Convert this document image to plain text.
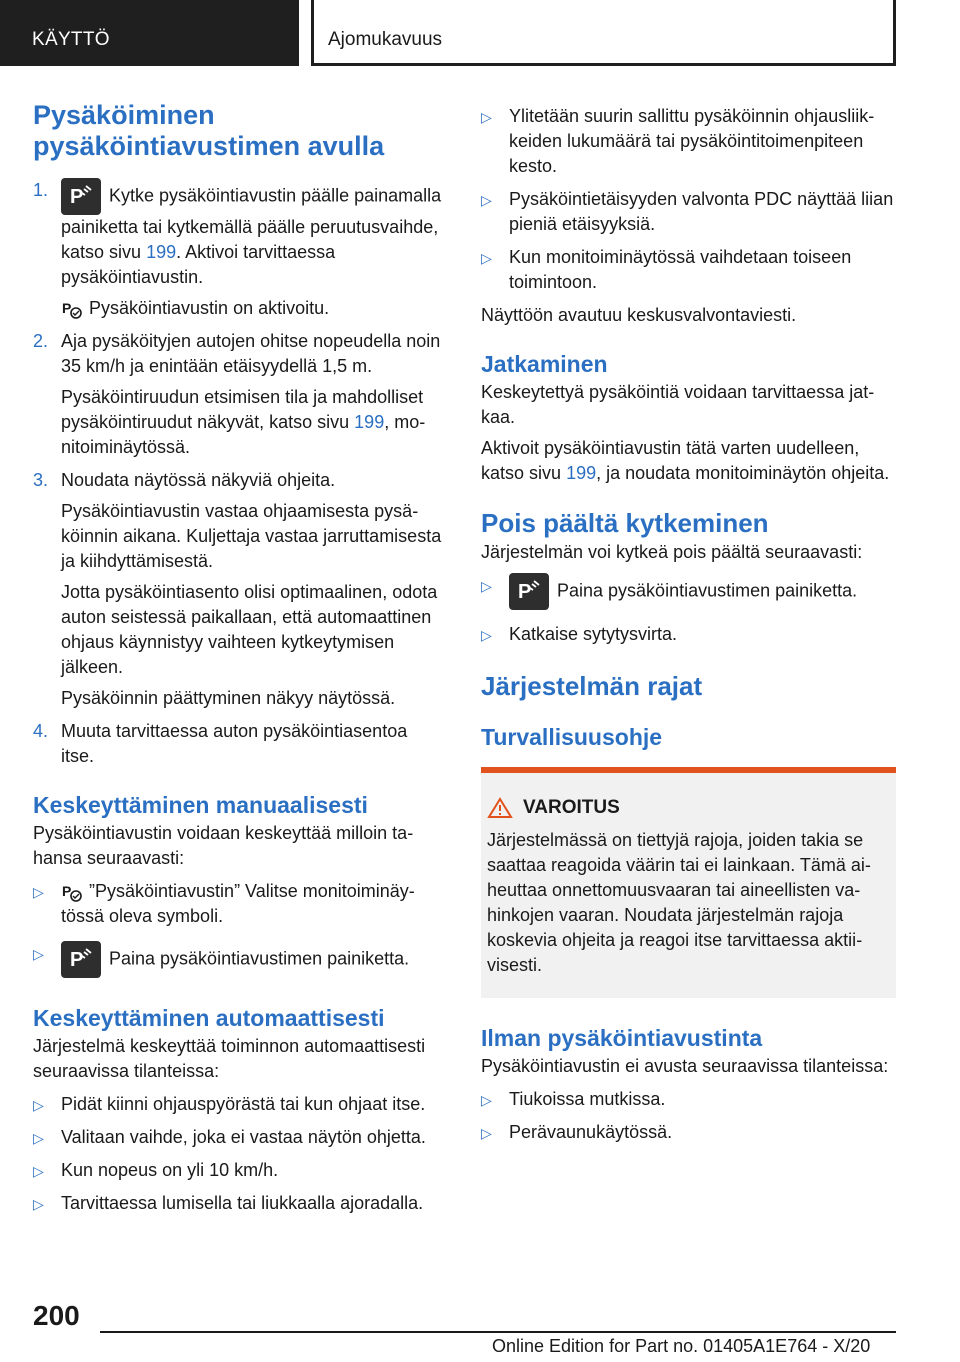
KÄYTTÖ	Ajomukavuus
Pysäköiminen pysäköintiavustimen avulla
1. P Kytke pysäköintiavustin päälle painamalla painiketta tai kytkemällä päälle peruutusvaihde, katso sivu 199. Aktivoi tarvittaessa pysäköintiavustin.
P Pysäköintiavustin on aktivoitu.
2. Aja pysäköityjen autojen ohitse nopeudella noin 35 km/h ja enintään etäisyydellä 1,5 m.
Pysäköintiruudun etsimisen tila ja mahdolliset pysäköintiruudut näkyvät, katso sivu 199, monitoiminäytössä.
3. Noudata näytössä näkyviä ohjeita.
Pysäköintiavustin vastaa ohjaamisesta pysäköinnin aikana. Kuljettaja vastaa jarruttamisesta ja kiihdyttämisestä.
Jotta pysäköintiasento olisi optimaalinen, odota auton seistessä paikallaan, että automaattinen ohjaus käynnistyy vaihteen kytkeytymisen jälkeen.
Pysäköinnin päättyminen näkyy näytössä.
4. Muuta tarvittaessa auton pysäköintiasentoa itse.
Keskeyttäminen manuaalisesti
Pysäköintiavustin voidaan keskeyttää milloin tahansa seuraavasti:
▷ P ”Pysäköintiavustin” Valitse monitoiminäytössä oleva symboli.
▷ P Paina pysäköintiavustimen painiketta.
Keskeyttäminen automaattisesti
Järjestelmä keskeyttää toiminnon automaattisesti seuraavissa tilanteissa:
▷ Pidät kiinni ohjauspyörästä tai kun ohjaat itse.
▷ Valitaan vaihde, joka ei vastaa näytön ohjetta.
▷ Kun nopeus on yli 10 km/h.
▷ Tarvittaessa lumisella tai liukkaalla ajoradalla.
▷ Ylitetään suurin sallittu pysäköinnin ohjausliikkeiden lukumäärä tai pysäköintitoimenpiteen kesto.
▷ Pysäköintietäisyyden valvonta PDC näyttää liian pieniä etäisyyksiä.
▷ Kun monitoiminäytössä vaihdetaan toiseen toimintoon.
Näyttöön avautuu keskusvalvontaviesti.
Jatkaminen
Keskeytettyä pysäköintiä voidaan tarvittaessa jatkaa.
Aktivoit pysäköintiavustin tätä varten uudelleen, katso sivu 199, ja noudata monitoiminäytön ohjeita.
Pois päältä kytkeminen
Järjestelmän voi kytkeä pois päältä seuraavasti:
▷ P Paina pysäköintiavustimen painiketta.
▷ Katkaise sytytysvirta.
Järjestelmän rajat
Turvallisuusohje
VAROITUS
Järjestelmässä on tiettyjä rajoja, joiden takia se saattaa reagoida väärin tai ei lainkaan. Tämä aiheuttaa onnettomuusvaaran tai aineellisten vahinkojen vaaran. Noudata järjestelmän rajoja koskevia ohjeita ja reagoi itse tarvittaessa aktiivisesti.
Ilman pysäköintiavustinta
Pysäköintiavustin ei avusta seuraavissa tilanteissa:
▷ Tiukoissa mutkissa.
▷ Perävaunukäytössä.
200
Online Edition for Part no. 01405A1E764 - X/20
